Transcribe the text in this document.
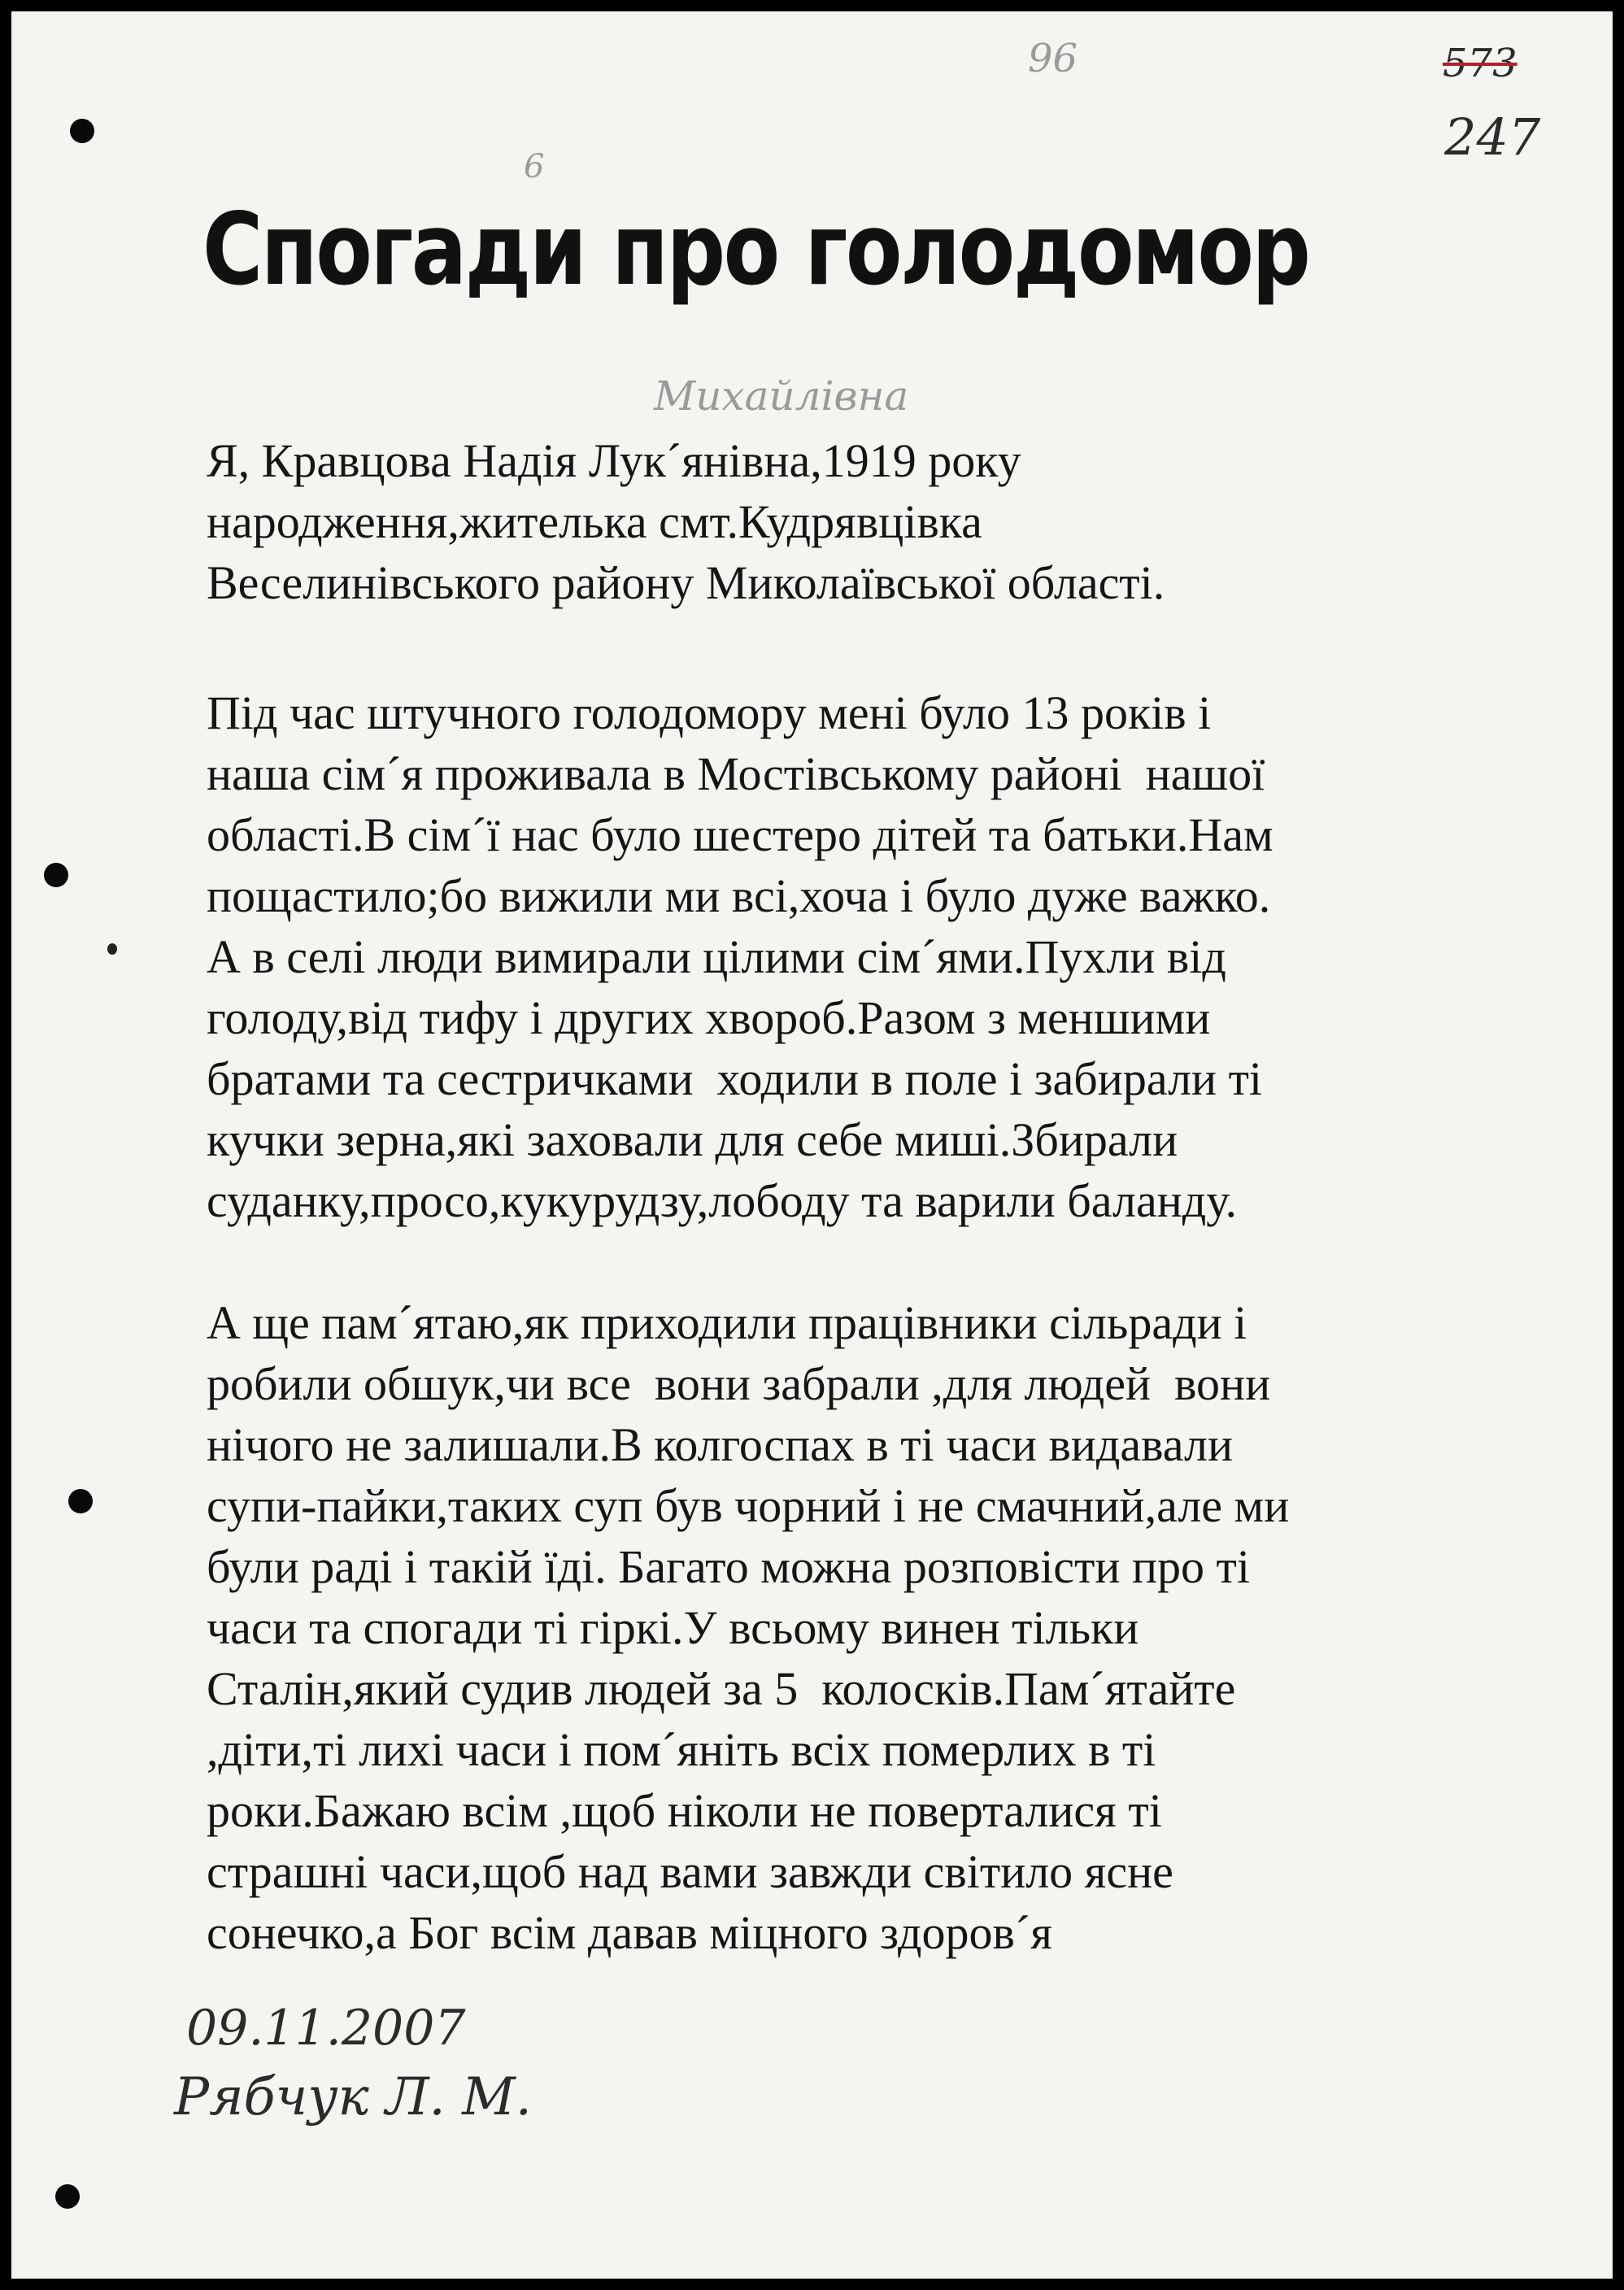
96
6
573
247
Спогади про голодомор
Михайлівна
Я, Кравцова Надія Лук´янівна,1919 року
народження,жителька смт.Кудрявцівка
Веселинівського району Миколаївської області.
Під час штучного голодомору мені було 13 років і
наша сім´я проживала в Мостівському районі  нашої
області.В сім´ї нас було шестеро дітей та батьки.Нам
пощастило;бо вижили ми всі,хоча і було дуже важко.
А в селі люди вимирали цілими сім´ями.Пухли від
голоду,від тифу і других хвороб.Разом з меншими
братами та сестричками  ходили в поле і забирали ті
кучки зерна,які заховали для себе миші.Збирали
суданку,просо,кукурудзу,лободу та варили баланду.
А ще пам´ятаю,як приходили працівники сільради і
робили обшук,чи все  вони забрали ,для людей  вони
нічого не залишали.В колгоспах в ті часи видавали
супи-пайки,таких суп був чорний і не смачний,але ми
були раді і такій їді. Багато можна розповісти про ті
часи та спогади ті гіркі.У всьому винен тільки
Сталін,який судив людей за 5  колосків.Пам´ятайте
,діти,ті лихі часи і пом´яніть всіх померлих в ті
роки.Бажаю всім ,щоб ніколи не поверталися ті
страшні часи,щоб над вами завжди світило ясне
сонечко,а Бог всім давав міцного здоров´я
09.11.2007
Рябчук Л. М.
